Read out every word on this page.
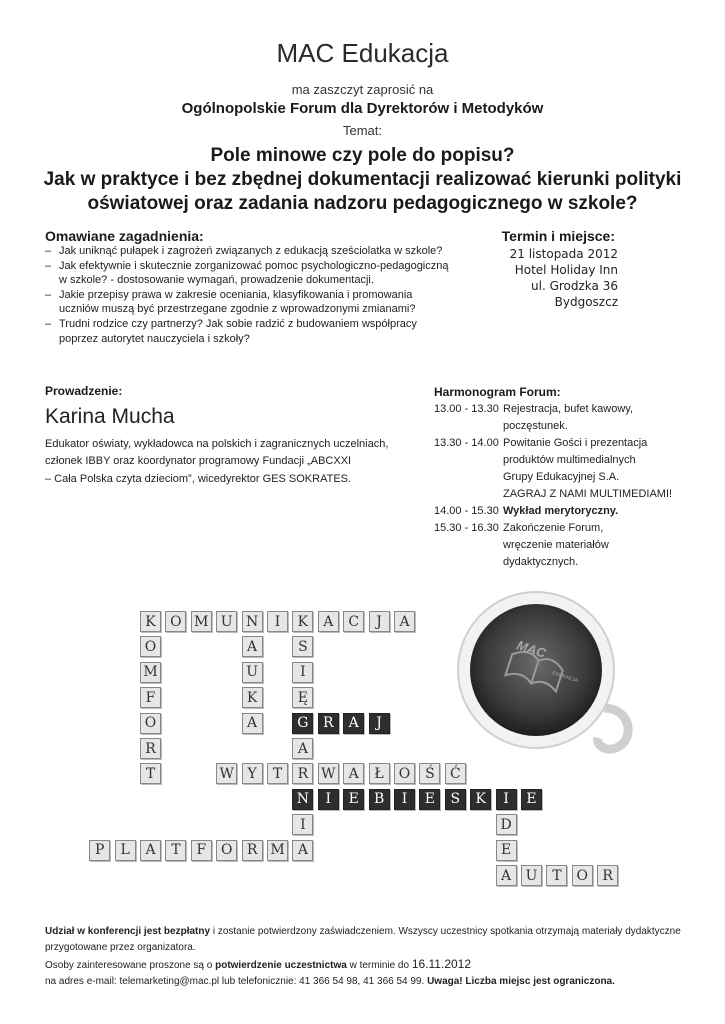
MAC Edukacja
ma zaszczyt zaprosić na
Ogólnopolskie Forum dla Dyrektorów i Metodyków
Temat:
Pole minowe czy pole do popisu?
Jak w praktyce i bez zbędnej dokumentacji realizować kierunki polityki
oświatowej oraz zadania nadzoru pedagogicznego w szkole?
Omawiane zagadnienia:
– Jak uniknąć pułapek i zagrożeń związanych z edukacją sześciolatka w szkole?
– Jak efektywnie i skutecznie zorganizować pomoc psychologiczno-pedagogiczną
w szkole? - dostosowanie wymagań, prowadzenie dokumentacji.
– Jakie przepisy prawa w zakresie oceniania, klasyfikowania i promowania
uczniów muszą być przestrzegane zgodnie z wprowadzonymi zmianami?
– Trudni rodzice czy partnerzy? Jak sobie radzić z budowaniem współpracy
poprzez autorytet nauczyciela i szkoły?
Termin i miejsce:
21 listopada 2012
Hotel Holiday Inn
ul. Grodzka 36
Bydgoszcz
Prowadzenie:
Karina Mucha
Edukator oświaty, wykładowca na polskich i zagranicznych uczelniach,
członek IBBY oraz koordynator programowy Fundacji „ABCXXI
– Cała Polska czyta dzieciom”, wicedyrektor GES SOKRATES.
Harmonogram Forum:
13.00 - 13.30 Rejestracja, bufet kawowy,
poczęstunek.
13.30 - 14.00 Powitanie Gości i prezentacja
produktów multimedialnych
Grupy Edukacyjnej S.A.
ZAGRAJ Z NAMI MULTIMEDIAMI!
14.00 - 15.30 Wykład merytoryczny.
15.30 - 16.30 Zakończenie Forum,
wręczenie materiałów
dydaktycznych.
K	O M U N	I	K	A	C	J	A
O
M
F
O
R
T
A
U
K
A
S
I
Ę
G
A
R	A	J
W Y	T	R W A	Ł	O	Ś	Ć
N	I	E	B	I	E	S	K	I	E
P	L	A	T	F	O	R M A
D
E
A	U	T	O	R
I
MAC
EDUKACJA
Udział w konferencji jest bezpłatny i zostanie potwierdzony zaświadczeniem. Wszyscy uczestnicy spotkania otrzymają materiały dydaktyczne przygotowane przez organizatora.
Osoby zainteresowane proszone są o potwierdzenie uczestnictwa w terminie do 16.11.2012
na adres e-mail: telemarketing@mac.pl lub telefonicznie: 41 366 54 98, 41 366 54 99. Uwaga! Liczba miejsc jest ograniczona.
